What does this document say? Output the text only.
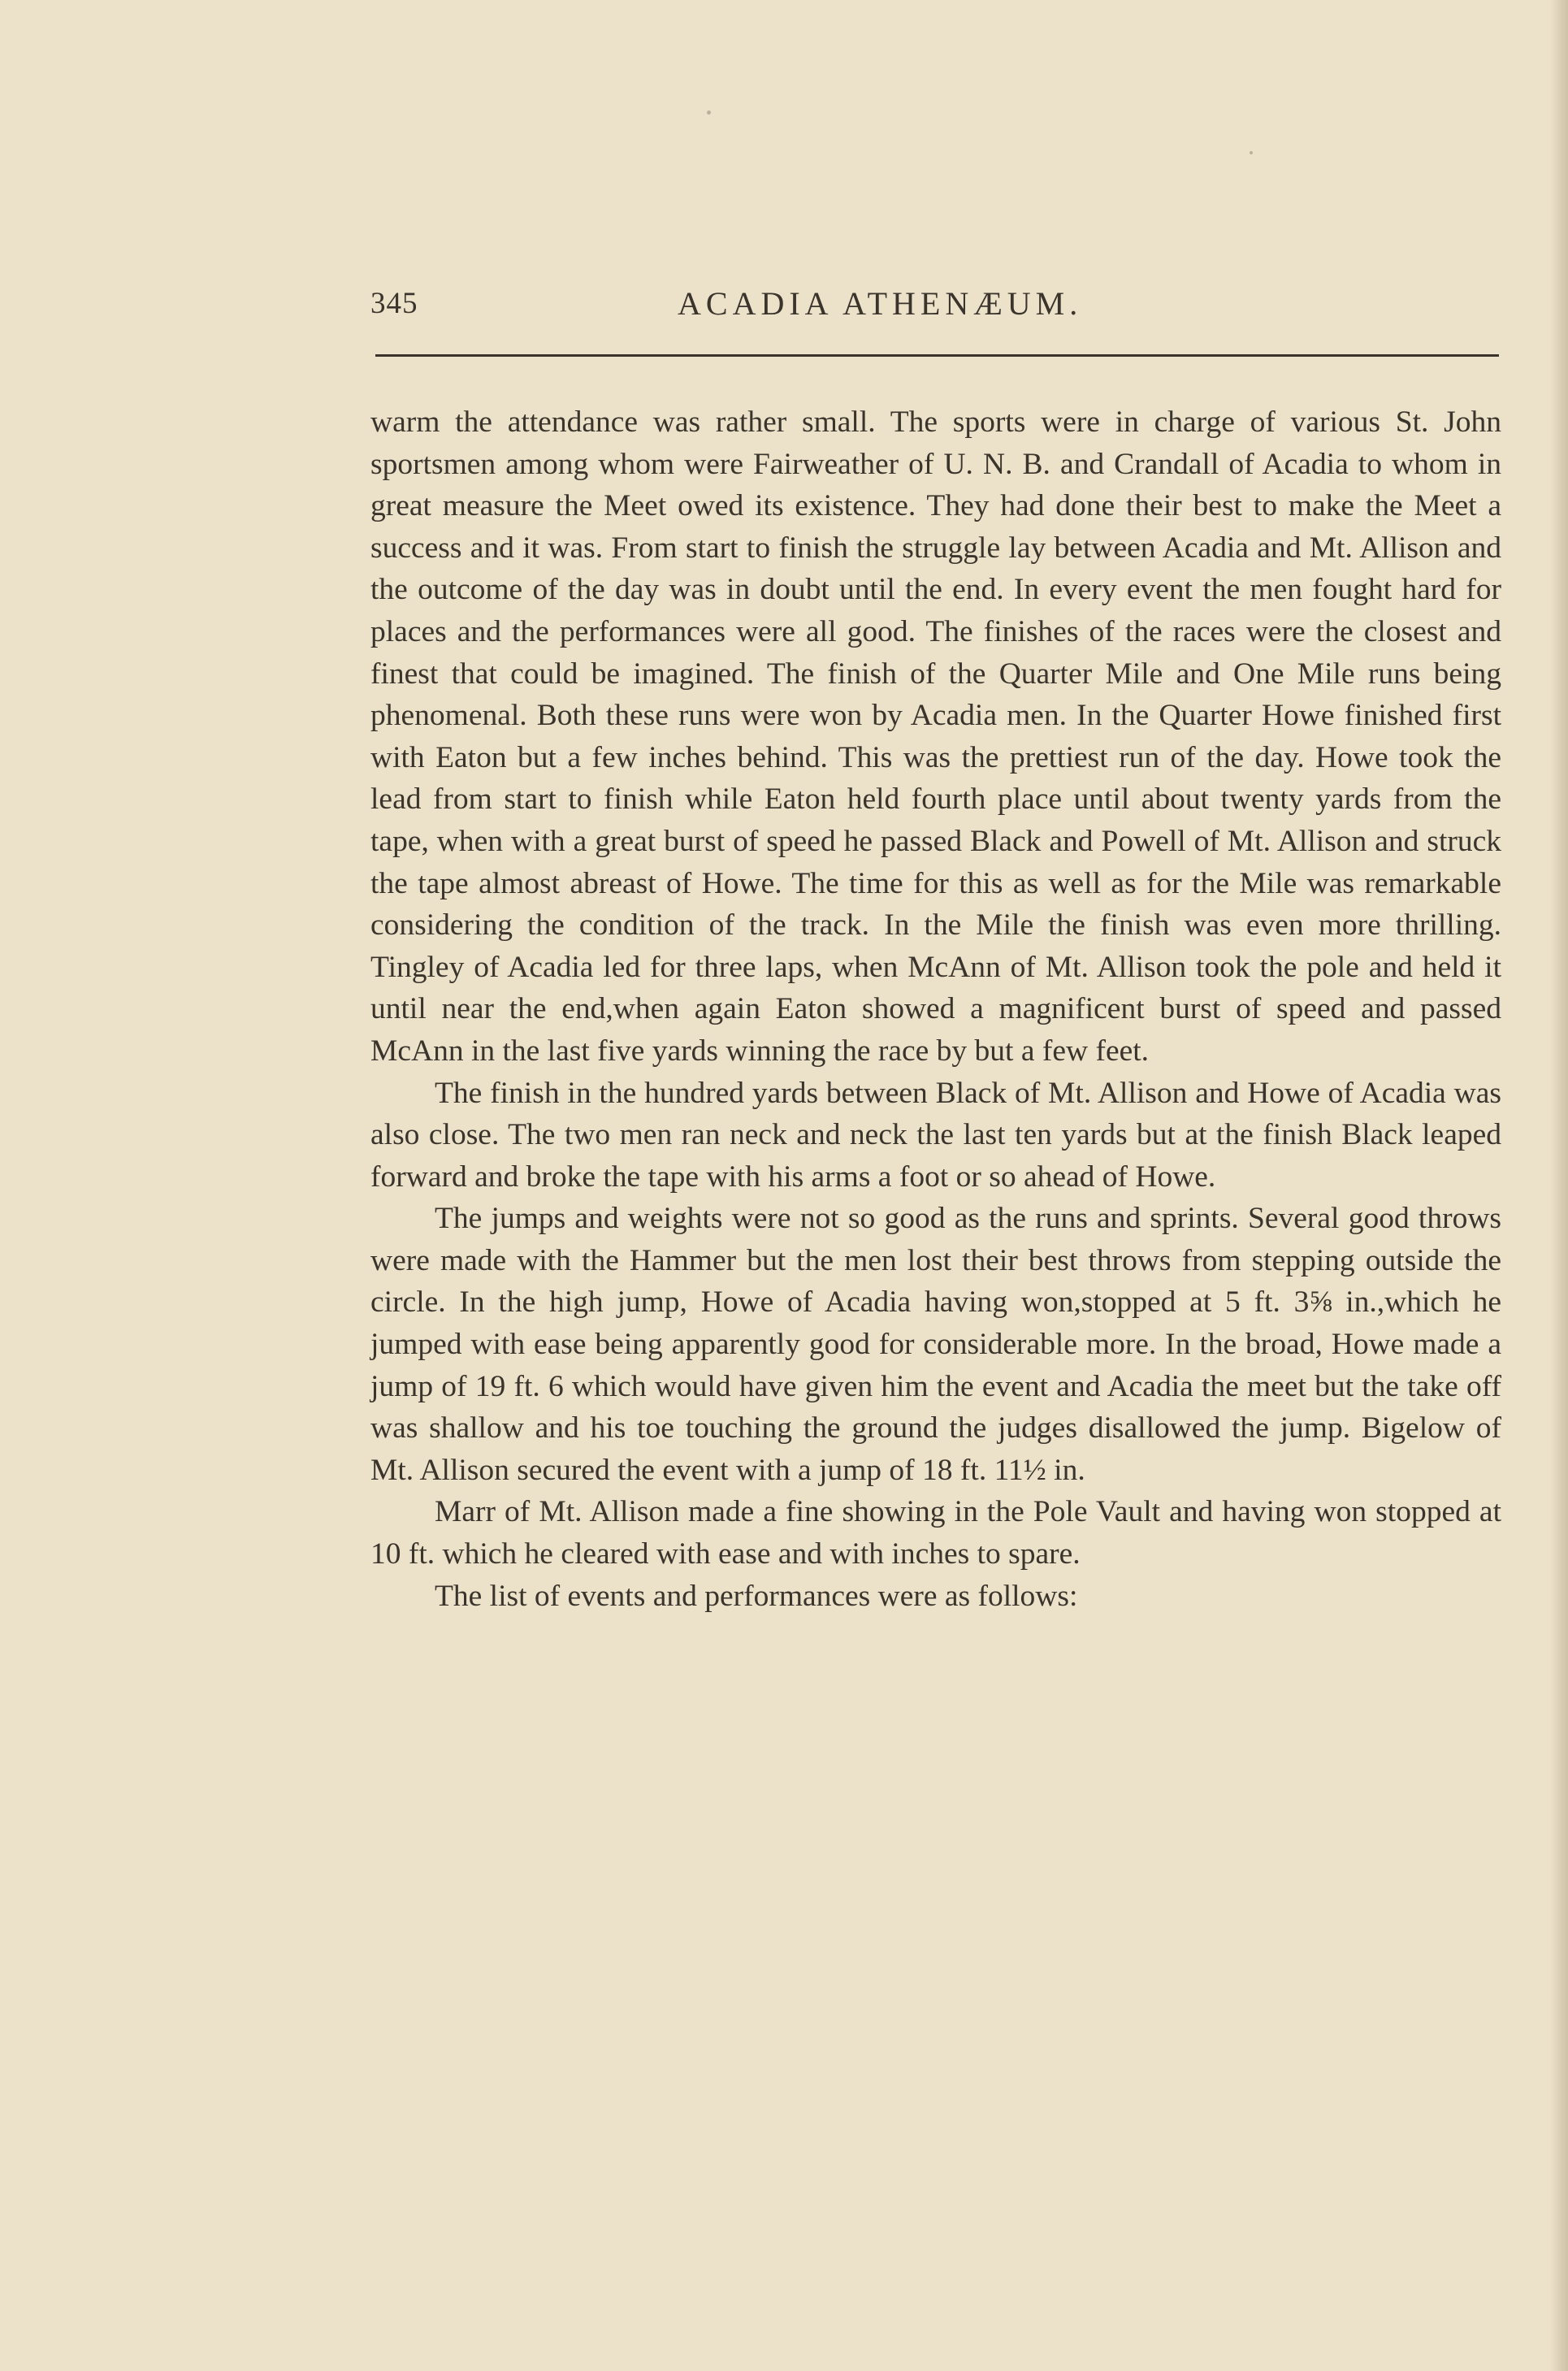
345	ACADIA ATHENÆUM.

warm the attendance was rather small. The sports were in charge of various St. John sportsmen among whom were Fairweather of U. N. B. and Crandall of Acadia to whom in great measure the Meet owed its existence. They had done their best to make the Meet a success and it was. From start to finish the struggle lay between Acadia and Mt. Allison and the outcome of the day was in doubt until the end. In every event the men fought hard for places and the performances were all good. The finishes of the races were the closest and finest that could be imagined. The finish of the Quarter Mile and One Mile runs being phenomenal. Both these runs were won by Acadia men. In the Quarter Howe finished first with Eaton but a few inches behind. This was the prettiest run of the day. Howe took the lead from start to finish while Eaton held fourth place until about twenty yards from the tape, when with a great burst of speed he passed Black and Powell of Mt. Allison and struck the tape almost abreast of Howe. The time for this as well as for the Mile was remarkable considering the condition of the track. In the Mile the finish was even more thrilling. Tingley of Acadia led for three laps, when McAnn of Mt. Allison took the pole and held it until near the end,when again Eaton showed a magnificent burst of speed and passed McAnn in the last five yards winning the race by but a few feet.

The finish in the hundred yards between Black of Mt. Allison and Howe of Acadia was also close. The two men ran neck and neck the last ten yards but at the finish Black leaped forward and broke the tape with his arms a foot or so ahead of Howe.

The jumps and weights were not so good as the runs and sprints. Several good throws were made with the Hammer but the men lost their best throws from stepping outside the circle. In the high jump, Howe of Acadia having won,stopped at 5 ft. 3⅝ in.,which he jumped with ease being apparently good for considerable more. In the broad, Howe made a jump of 19 ft. 6 which would have given him the event and Acadia the meet but the take off was shallow and his toe touching the ground the judges disallowed the jump. Bigelow of Mt. Allison secured the event with a jump of 18 ft. 11½ in.

Marr of Mt. Allison made a fine showing in the Pole Vault and having won stopped at 10 ft. which he cleared with ease and with inches to spare.

The list of events and performances were as follows:
